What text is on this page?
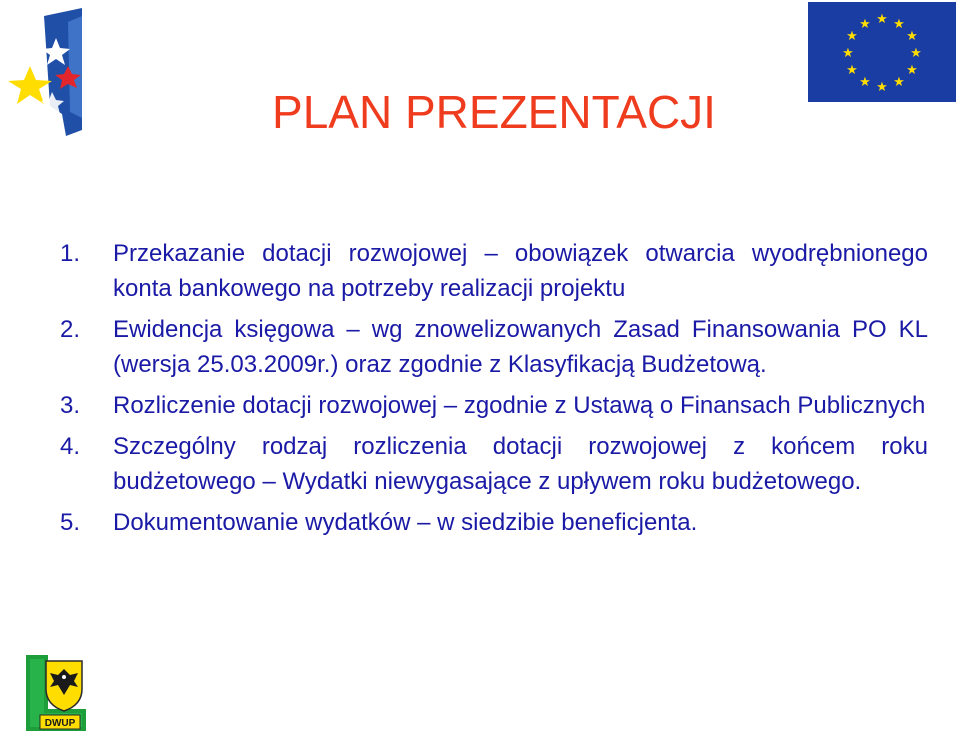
★ ★
★
★
★
★
★
★
★
★
★
★
PLAN PREZENTACJI
1. Przekazanie dotacji rozwojowej – obowiązek otwarcia wyodrębnionego konta bankowego na potrzeby realizacji projektu
2. Ewidencja księgowa – wg znowelizowanych Zasad Finansowania PO KL (wersja 25.03.2009r.) oraz zgodnie z Klasyfikacją Budżetową.
3. Rozliczenie dotacji rozwojowej – zgodnie z Ustawą o Finansach Publicznych
4. Szczególny rodzaj rozliczenia dotacji rozwojowej z końcem roku budżetowego – Wydatki niewygasające z upływem roku budżetowego.
5. Dokumentowanie wydatków – w siedzibie beneficjenta.
DWUP
